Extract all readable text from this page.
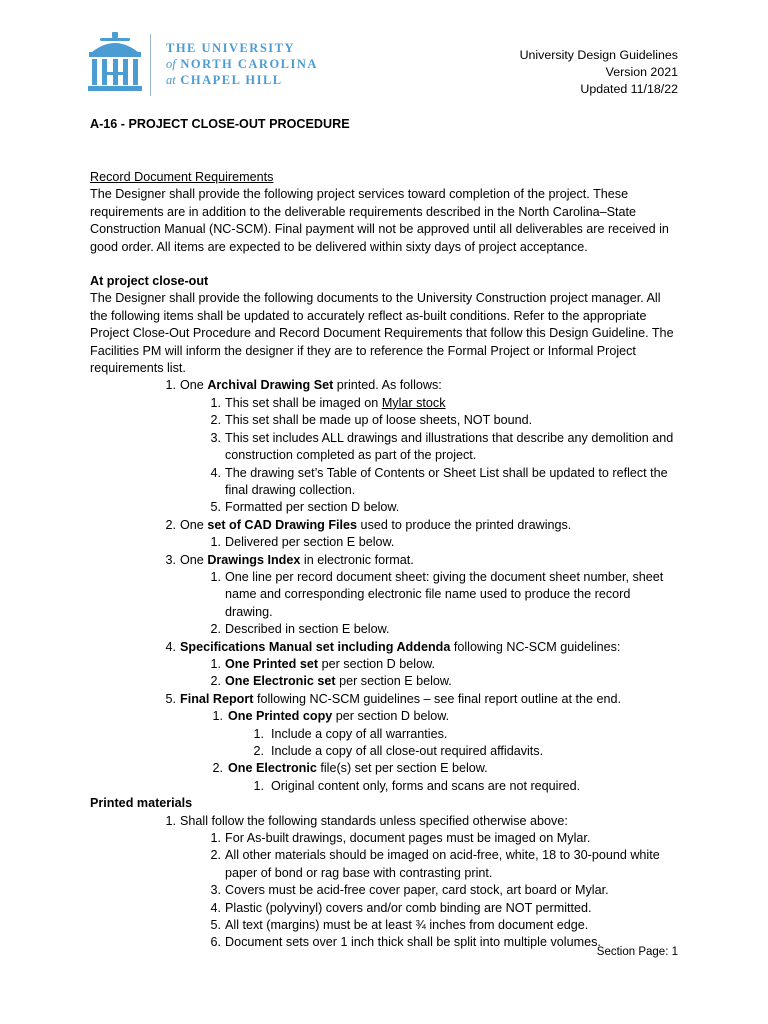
THE UNIVERSITY
of NORTH CAROLINA
at CHAPEL HILL
University Design Guidelines
Version 2021
Updated 11/18/22
A-16 - PROJECT CLOSE-OUT PROCEDURE
Record Document Requirements

The Designer shall provide the following project services toward completion of the project. These requirements are in addition to the deliverable requirements described in the North Carolina–State Construction Manual (NC-SCM). Final payment will not be approved until all deliverables are received in good order. All items are expected to be delivered within sixty days of project acceptance.

At project close-out

The Designer shall provide the following documents to the University Construction project manager. All the following items shall be updated to accurately reflect as-built conditions. Refer to the appropriate Project Close-Out Procedure and Record Document Requirements that follow this Design Guideline. The Facilities PM will inform the designer if they are to reference the Formal Project or Informal Project requirements list.

1. One Archival Drawing Set printed. As follows:
1. This set shall be imaged on Mylar stock
2. This set shall be made up of loose sheets, NOT bound.
3. This set includes ALL drawings and illustrations that describe any demolition and
construction completed as part of the project.
4. The drawing set’s Table of Contents or Sheet List shall be updated to reflect the
final drawing collection.
5. Formatted per section D below.
2. One set of CAD Drawing Files used to produce the printed drawings.
1. Delivered per section E below.
3. One Drawings Index in electronic format.
1. One line per record document sheet: giving the document sheet number, sheet
name and corresponding electronic file name used to produce the record
drawing.
2. Described in section E below.
4. Specifications Manual set including Addenda following NC-SCM guidelines:
1. One Printed set per section D below.
2. One Electronic set per section E below.
5. Final Report following NC-SCM guidelines – see final report outline at the end.
1. One Printed copy per section D below.
1. Include a copy of all warranties.
2. Include a copy of all close-out required affidavits.
2. One Electronic file(s) set per section E below.
1. Original content only, forms and scans are not required.
Printed materials
1. Shall follow the following standards unless specified otherwise above:
1. For As-built drawings, document pages must be imaged on Mylar.
2. All other materials should be imaged on acid-free, white, 18 to 30-pound white
paper of bond or rag base with contrasting print.
3. Covers must be acid-free cover paper, card stock, art board or Mylar.
4. Plastic (polyvinyl) covers and/or comb binding are NOT permitted.
5. All text (margins) must be at least ¾ inches from document edge.
6. Document sets over 1 inch thick shall be split into multiple volumes.
Section Page: 1
